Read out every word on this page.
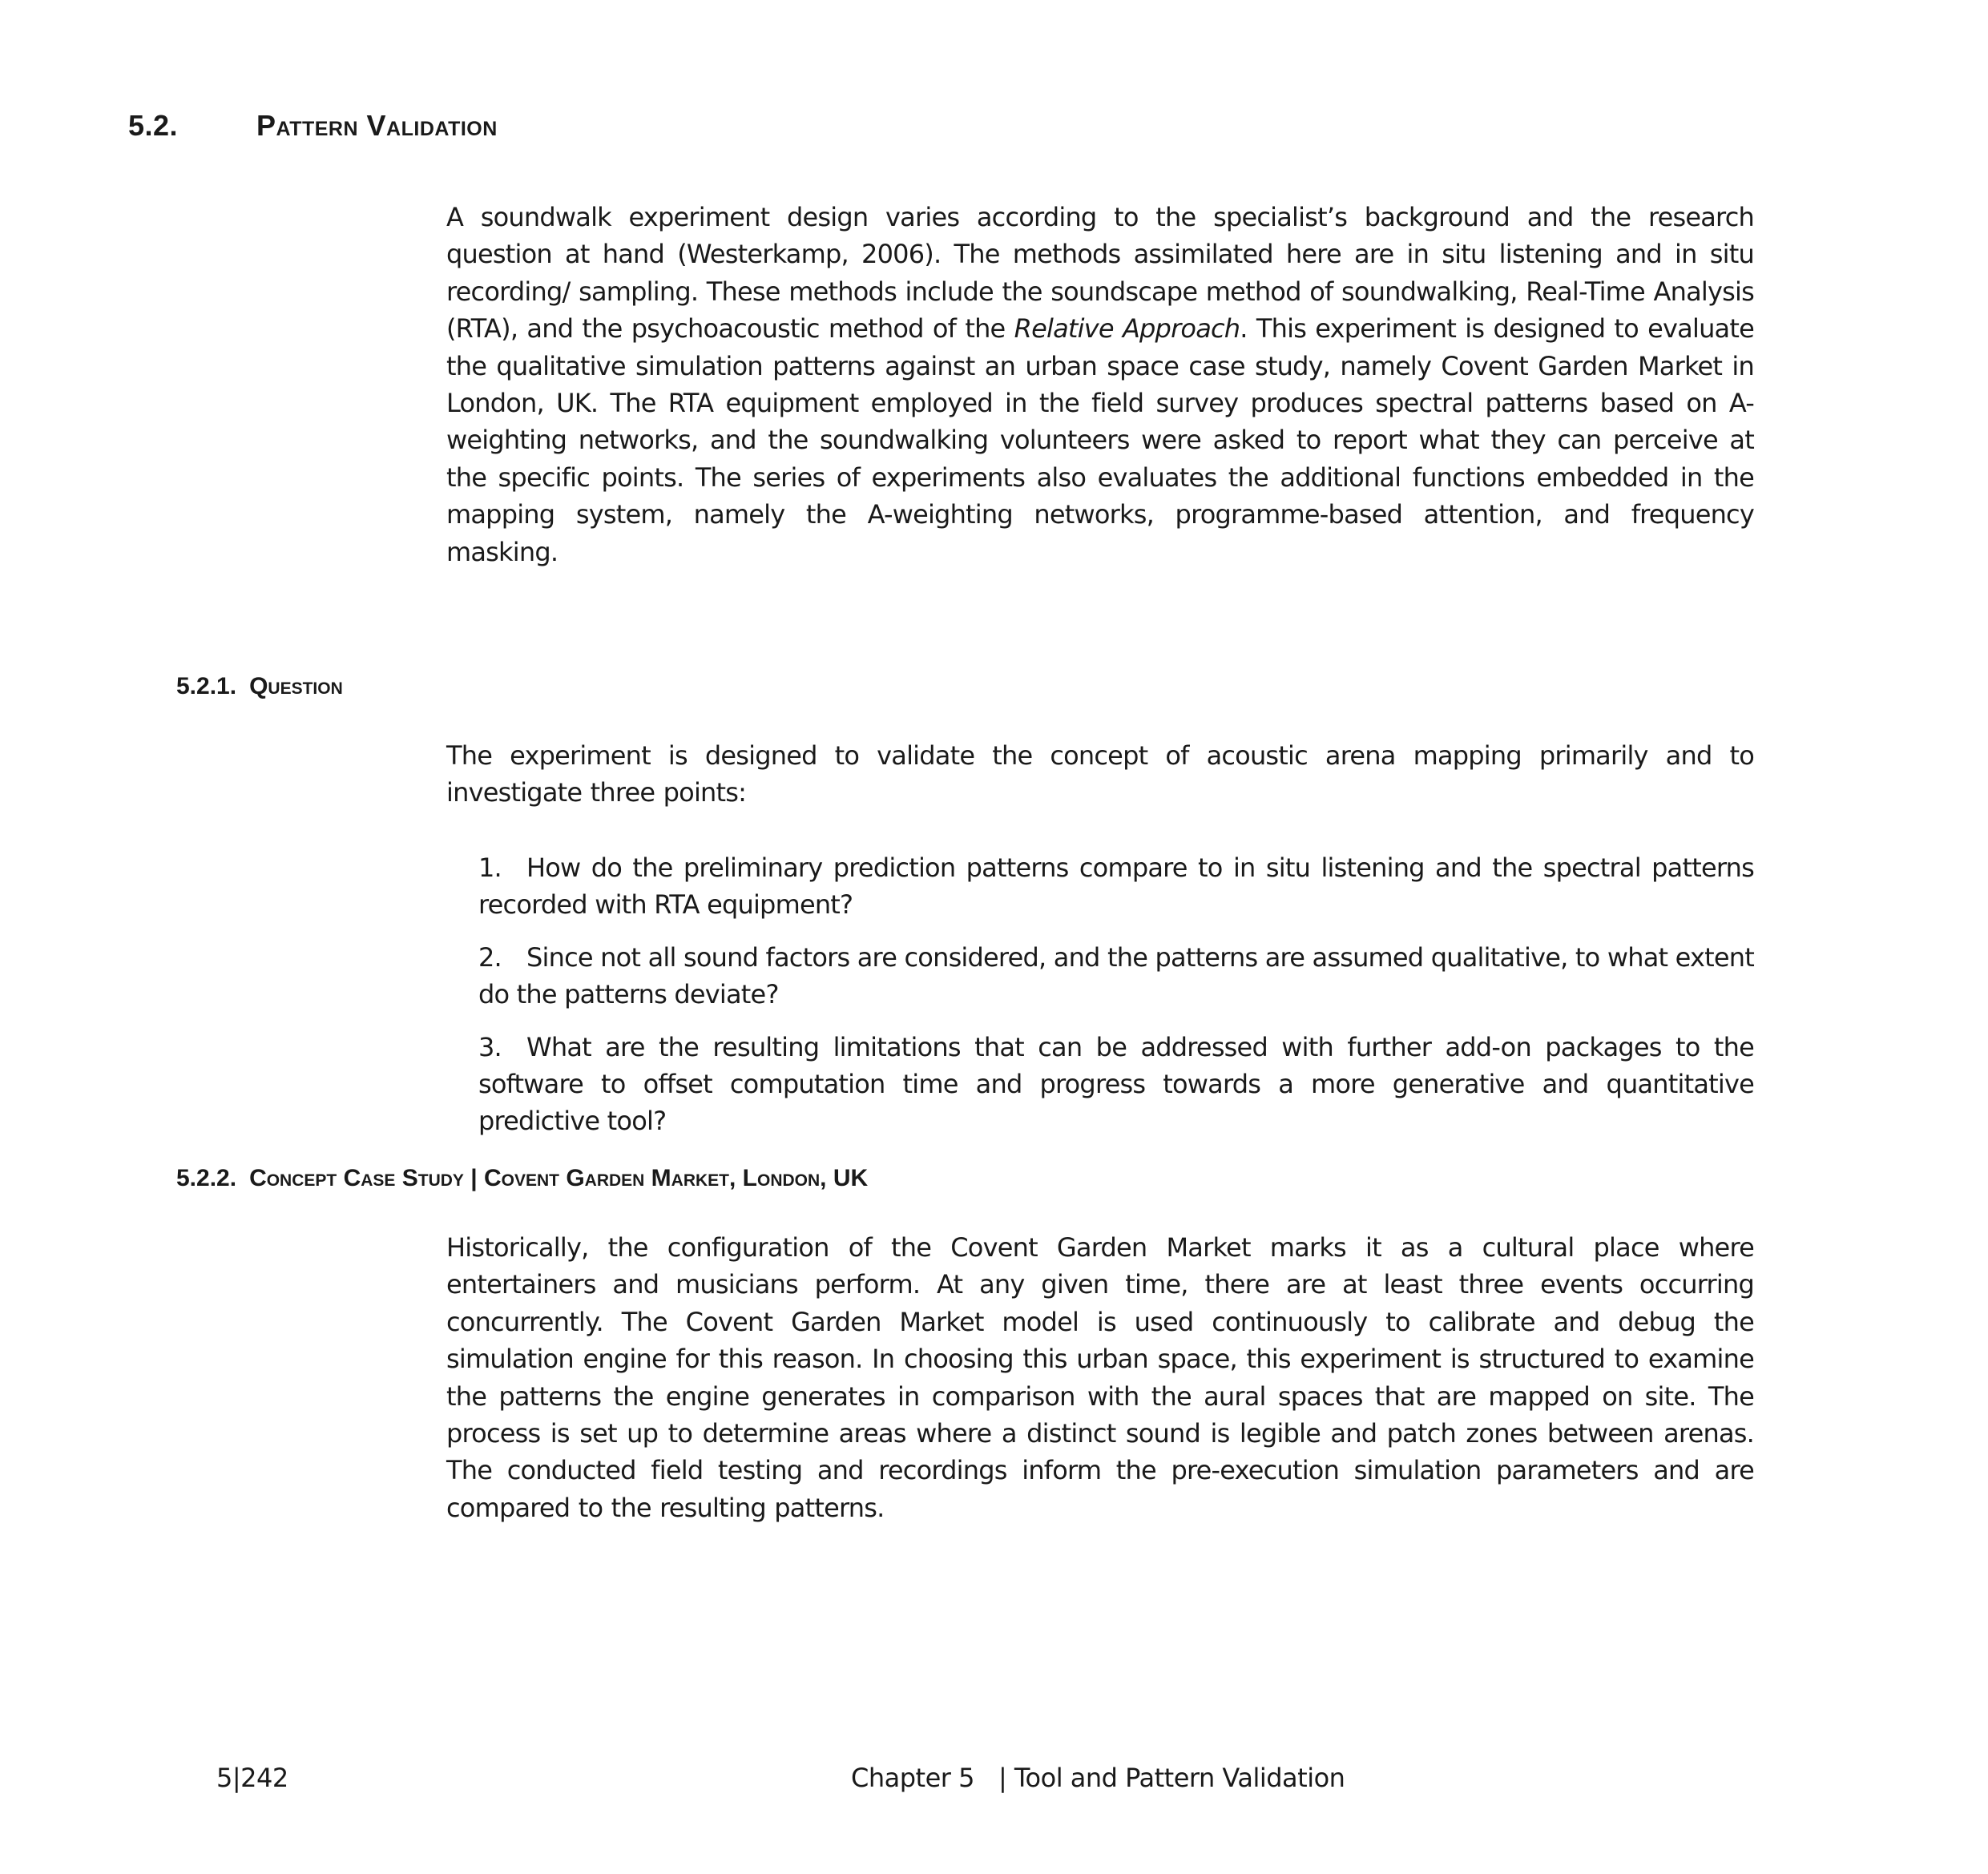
5.2.	Pattern Validation

A soundwalk experiment design varies according to the specialist’s background and the research question at hand (Westerkamp, 2006). The methods assimilated here are in situ listening and in situ recording/ sampling. These methods include the soundscape method of soundwalking, Real-Time Analysis (RTA), and the psychoacoustic method of the Relative Approach. This experiment is designed to evaluate the qualitative simulation patterns against an urban space case study, namely Covent Garden Market in London, UK. The RTA equipment employed in the field survey produces spectral patterns based on A-weighting networks, and the soundwalking volunteers were asked to report what they can perceive at the specific points. The series of experiments also evaluates the additional functions embedded in the mapping system, namely the A-weighting networks, programme-based attention, and frequency masking.

5.2.1. Question

The experiment is designed to validate the concept of acoustic arena mapping primarily and to investigate three points:

1. How do the preliminary prediction patterns compare to in situ listening and the spectral patterns recorded with RTA equipment?
2. Since not all sound factors are considered, and the patterns are assumed qualitative, to what extent do the patterns deviate?
3. What are the resulting limitations that can be addressed with further add-on packages to the software to offset computation time and progress towards a more generative and quantitative predictive tool?
5.2.2. Concept Case Study | Covent Garden Market, London, UK

Historically, the configuration of the Covent Garden Market marks it as a cultural place where entertainers and musicians perform. At any given time, there are at least three events occurring concurrently. The Covent Garden Market model is used continuously to calibrate and debug the simulation engine for this reason. In choosing this urban space, this experiment is structured to examine the patterns the engine generates in comparison with the aural spaces that are mapped on site. The process is set up to determine areas where a distinct sound is legible and patch zones between arenas. The conducted field testing and recordings inform the pre-execution simulation parameters and are compared to the resulting patterns.

5|242	Chapter 5 | Tool and Pattern Validation
